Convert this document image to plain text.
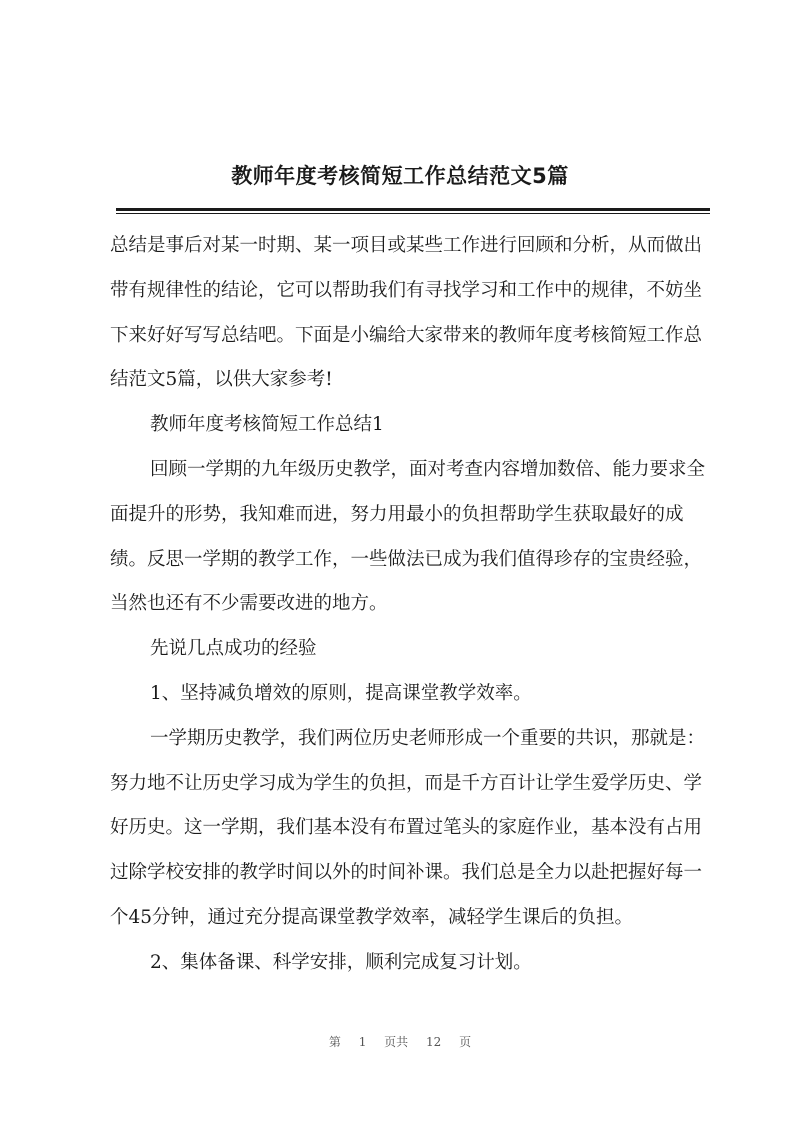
教师年度考核简短工作总结范文5篇

总结是事后对某一时期、某一项目或某些工作进行回顾和分析，从而做出带有规律性的结论，它可以帮助我们有寻找学习和工作中的规律，不妨坐下来好好写写总结吧。下面是小编给大家带来的教师年度考核简短工作总结范文5篇，以供大家参考!

教师年度考核简短工作总结1

回顾一学期的九年级历史教学，面对考查内容增加数倍、能力要求全面提升的形势，我知难而进，努力用最小的负担帮助学生获取最好的成绩。反思一学期的教学工作，一些做法已成为我们值得珍存的宝贵经验，当然也还有不少需要改进的地方。

先说几点成功的经验

1、坚持减负增效的原则，提高课堂教学效率。

一学期历史教学，我们两位历史老师形成一个重要的共识，那就是：努力地不让历史学习成为学生的负担，而是千方百计让学生爱学历史、学好历史。这一学期，我们基本没有布置过笔头的家庭作业，基本没有占用过除学校安排的教学时间以外的时间补课。我们总是全力以赴把握好每一个45分钟，通过充分提高课堂教学效率，减轻学生课后的负担。

2、集体备课、科学安排，顺利完成复习计划。

第 1 页共 12 页
